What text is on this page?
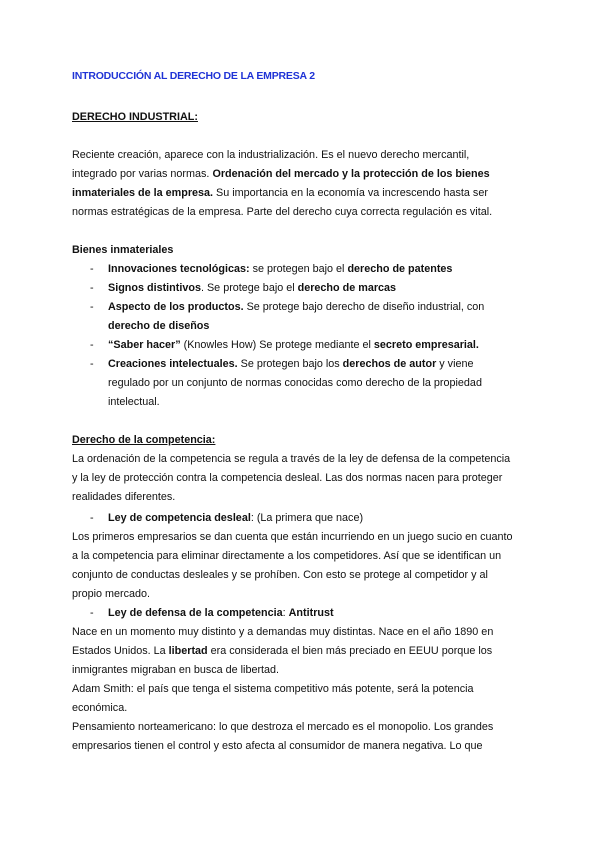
INTRODUCCIÓN AL DERECHO DE LA EMPRESA 2
DERECHO INDUSTRIAL:
Reciente creación, aparece con la industrialización. Es el nuevo derecho mercantil,
integrado por varias normas. Ordenación del mercado y la protección de los bienes
inmateriales de la empresa. Su importancia en la economía va increscendo hasta ser
normas estratégicas de la empresa. Parte del derecho cuya correcta regulación es vital.
Bienes inmateriales
- Innovaciones tecnológicas: se protegen bajo el derecho de patentes
- Signos distintivos. Se protege bajo el derecho de marcas
- Aspecto de los productos. Se protege bajo derecho de diseño industrial, con
derecho de diseños
- “Saber hacer” (Knowles How) Se protege mediante el secreto empresarial.
- Creaciones intelectuales. Se protegen bajo los derechos de autor y viene
regulado por un conjunto de normas conocidas como derecho de la propiedad
intelectual.
Derecho de la competencia:
La ordenación de la competencia se regula a través de la ley de defensa de la competencia
y la ley de protección contra la competencia desleal. Las dos normas nacen para proteger
realidades diferentes.
- Ley de competencia desleal: (La primera que nace)
Los primeros empresarios se dan cuenta que están incurriendo en un juego sucio en cuanto
a la competencia para eliminar directamente a los competidores. Así que se identifican un
conjunto de conductas desleales y se prohíben. Con esto se protege al competidor y al
propio mercado.
- Ley de defensa de la competencia: Antitrust
Nace en un momento muy distinto y a demandas muy distintas. Nace en el año 1890 en
Estados Unidos. La libertad era considerada el bien más preciado en EEUU porque los
inmigrantes migraban en busca de libertad.
Adam Smith: el país que tenga el sistema competitivo más potente, será la potencia
económica.
Pensamiento norteamericano: lo que destroza el mercado es el monopolio. Los grandes
empresarios tienen el control y esto afecta al consumidor de manera negativa. Lo que
